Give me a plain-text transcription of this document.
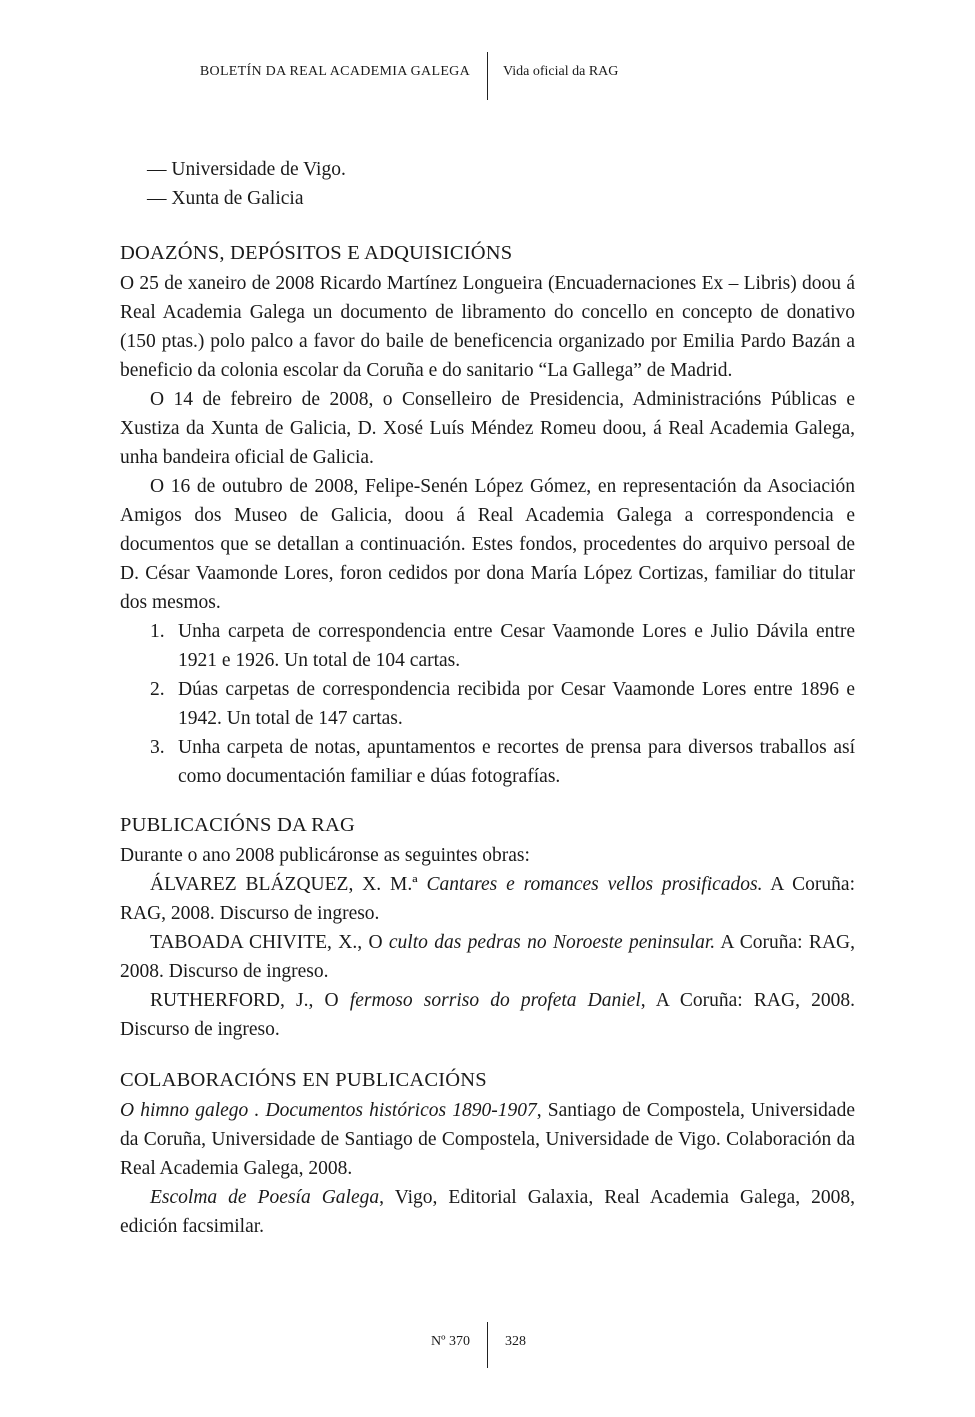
BOLETÍN DA REAL ACADEMIA GALEGA Vida oficial da RAG
— Universidade de Vigo.
— Xunta de Galicia
DOAZÓNS, DEPÓSITOS E ADQUISICIÓNS

O 25 de xaneiro de 2008 Ricardo Martínez Longueira (Encuadernaciones Ex – Libris) doou á Real Academia Galega un documento de libramento do concello en concepto de donativo (150 ptas.) polo palco a favor do baile de beneficencia organizado por Emilia Pardo Bazán a beneficio da colonia escolar da Coruña e do sanitario “La Gallega” de Madrid.

O 14 de febreiro de 2008, o Conselleiro de Presidencia, Administracións Públicas e Xustiza da Xunta de Galicia, D. Xosé Luís Méndez Romeu doou, á Real Academia Galega, unha bandeira oficial de Galicia.

O 16 de outubro de 2008, Felipe-Senén López Gómez, en representación da Asociación Amigos dos Museo de Galicia, doou á Real Academia Galega a correspondencia e documentos que se detallan a continuación. Estes fondos, procedentes do arquivo persoal de D. César Vaamonde Lores, foron cedidos por dona María López Cortizas, familiar do titular dos mesmos.

1. Unha carpeta de correspondencia entre Cesar Vaamonde Lores e Julio Dávila entre 1921 e 1926. Un total de 104 cartas.
2. Dúas carpetas de correspondencia recibida por Cesar Vaamonde Lores entre 1896 e 1942. Un total de 147 cartas.
3. Unha carpeta de notas, apuntamentos e recortes de prensa para diversos traballos así como documentación familiar e dúas fotografías.
PUBLICACIÓNS DA RAG

Durante o ano 2008 publicáronse as seguintes obras:

ÁLVAREZ BLÁZQUEZ, X. M.ª Cantares e romances vellos prosificados. A Coruña: RAG, 2008. Discurso de ingreso.

TABOADA CHIVITE, X., O culto das pedras no Noroeste peninsular. A Coruña: RAG, 2008. Discurso de ingreso.

RUTHERFORD, J., O fermoso sorriso do profeta Daniel, A Coruña: RAG, 2008. Discurso de ingreso.

COLABORACIÓNS EN PUBLICACIÓNS

O himno galego . Documentos históricos 1890-1907, Santiago de Compostela, Universidade da Coruña, Universidade de Santiago de Compostela, Universidade de Vigo. Colaboración da Real Academia Galega, 2008.

Escolma de Poesía Galega, Vigo, Editorial Galaxia, Real Academia Galega, 2008, edición facsimilar.

Nº 370	328
